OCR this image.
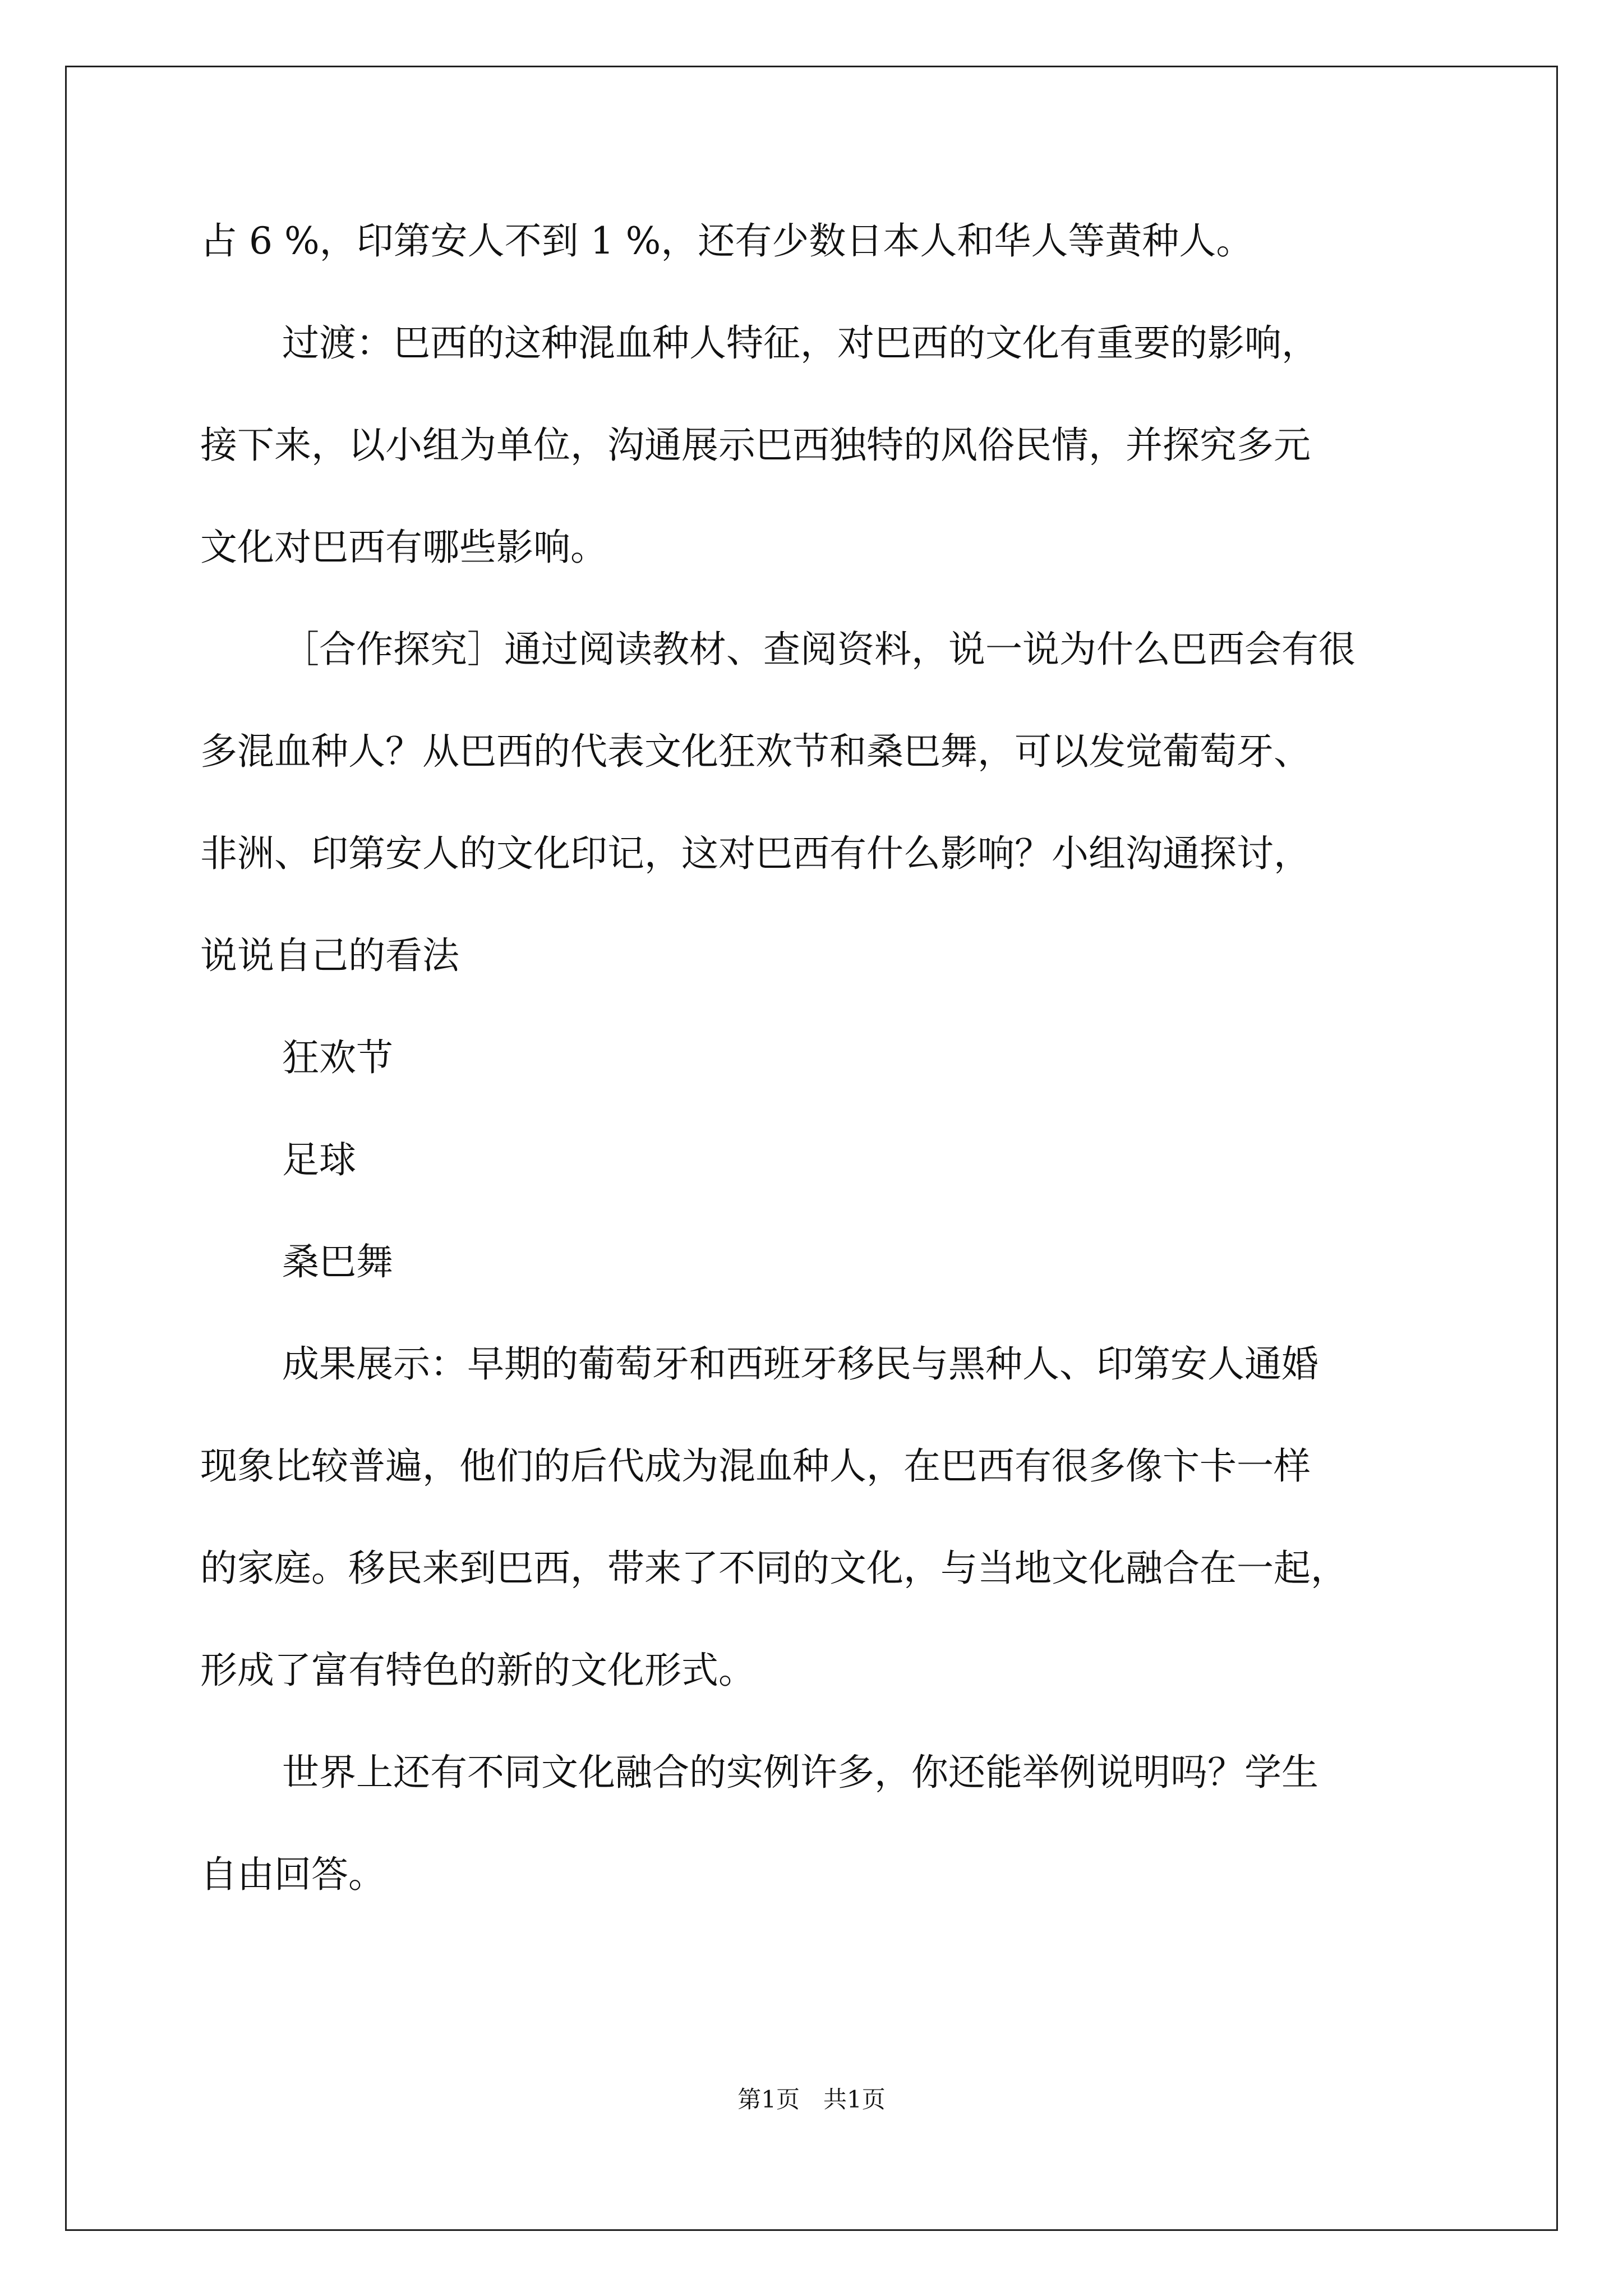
占 6 %，印第安人不到 1 %，还有少数日本人和华人等黄种人。
过渡：巴西的这种混血种人特征，对巴西的文化有重要的影响，
接下来，以小组为单位，沟通展示巴西独特的风俗民情，并探究多元
文化对巴西有哪些影响。
［合作探究］通过阅读教材、查阅资料，说一说为什么巴西会有很
多混血种人？从巴西的代表文化狂欢节和桑巴舞，可以发觉葡萄牙、
非洲、印第安人的文化印记，这对巴西有什么影响？小组沟通探讨，
说说自己的看法
狂欢节
足球
桑巴舞
成果展示：早期的葡萄牙和西班牙移民与黑种人、印第安人通婚
现象比较普遍，他们的后代成为混血种人，在巴西有很多像卞卡一样
的家庭。移民来到巴西，带来了不同的文化，与当地文化融合在一起，
形成了富有特色的新的文化形式。
世界上还有不同文化融合的实例许多，你还能举例说明吗？学生
自由回答。
第1页　共1页
